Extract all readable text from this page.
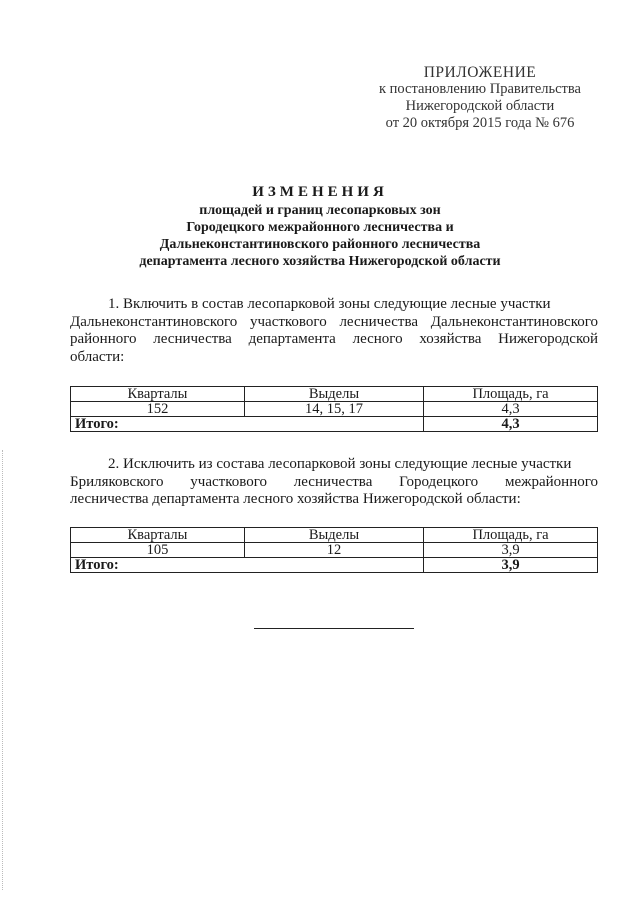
ПРИЛОЖЕНИЕ
к постановлению Правительства
Нижегородской области
от 20 октября 2015 года № 676
ИЗМЕНЕНИЯ
площадей и границ лесопарковых зон
Городецкого межрайонного лесничества и
Дальнеконстантиновского районного лесничества
департамента лесного хозяйства Нижегородской области

1. Включить в состав лесопарковой зоны следующие лесные участки

Дальнеконстантиновского участкового лесничества Дальнеконстантиновского

районного лесничества департамента лесного хозяйства Нижегородской

области:

Кварталы	Выделы	Площадь, га
152	14, 15, 17	4,3
Итого:		4,3

2. Исключить из состава лесопарковой зоны следующие лесные участки

Бриляковского участкового лесничества Городецкого межрайонного

лесничества департамента лесного хозяйства Нижегородской области:

Кварталы	Выделы	Площадь, га
105	12	3,9
Итого:		3,9
